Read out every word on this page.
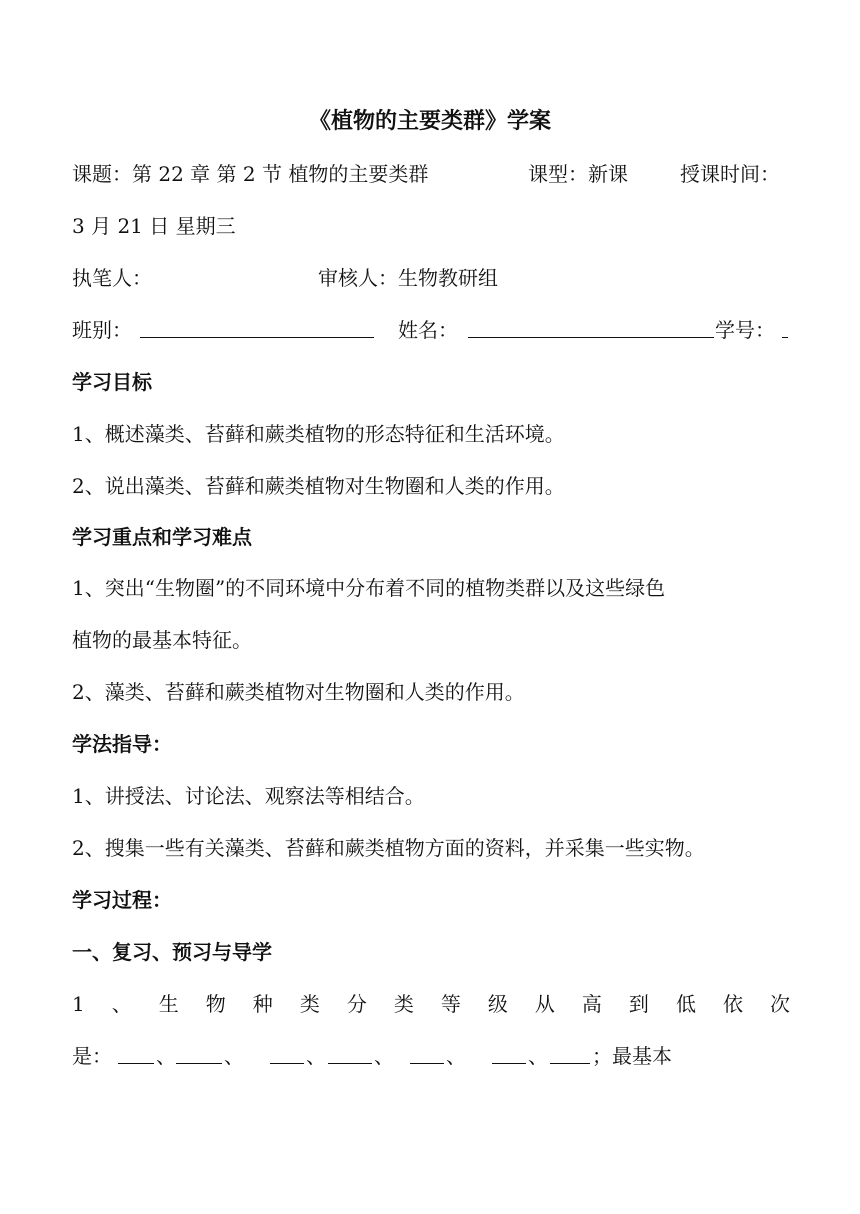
《植物的主要类群》学案
课题：第 22 章 第 2 节 植物的主要类群	课型：新课	授课时间：
3 月 21 日 星期三
执笔人：	审核人：生物教研组
班别：	姓名：	学号：
学习目标
1、概述藻类、苔藓和蕨类植物的形态特征和生活环境。
2、说出藻类、苔藓和蕨类植物对生物圈和人类的作用。
学习重点和学习难点
1、突出“生物圈”的不同环境中分布着不同的植物类群以及这些绿色
植物的最基本特征。
2、藻类、苔藓和蕨类植物对生物圈和人类的作用。
学法指导：
1、讲授法、讨论法、观察法等相结合。
2、搜集一些有关藻类、苔藓和蕨类植物方面的资料，并采集一些实物。
学习过程：
一、复习、预习与导学
1 、 生 物 种 类 分 类 等 级 从 高 到 低 依 次
是： 、 、	、 、	、	、 ；最基本
